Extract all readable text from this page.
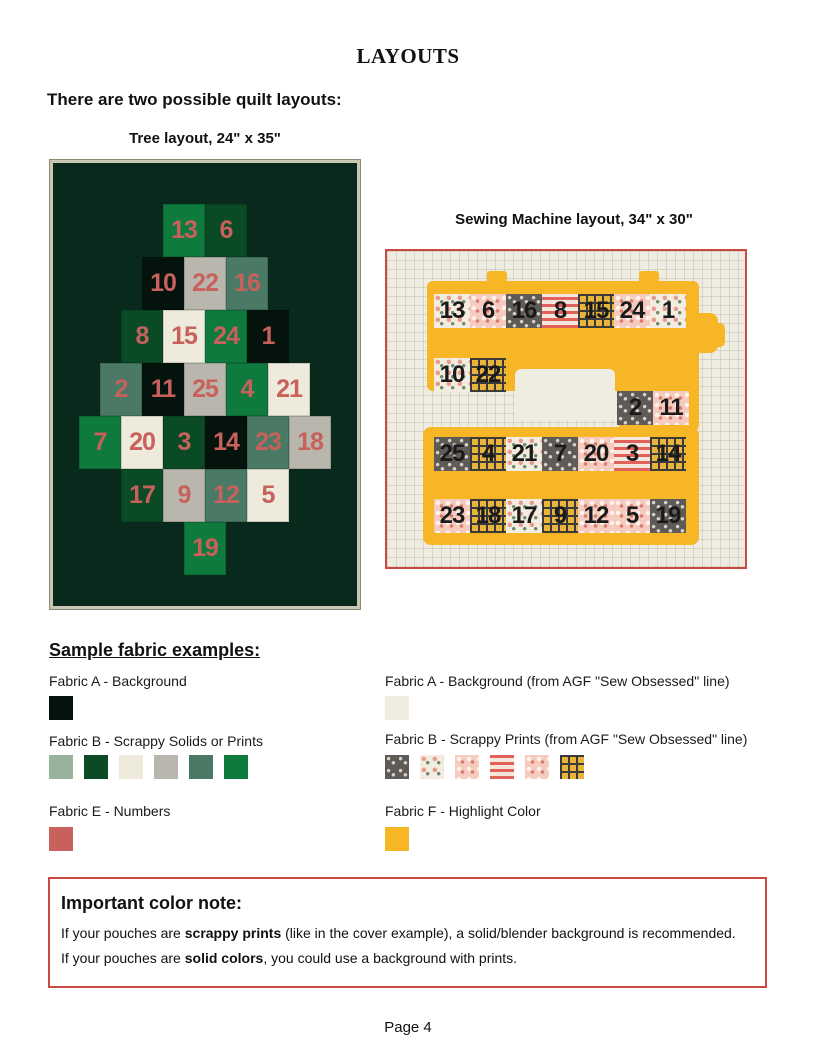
LAYOUTS
There are two possible quilt layouts:
Tree layout, 24" x 35"
13 6
10 22 16
8 15 24 1
2 11 25 4 21
7 20 3 14 23 18
17 9 12 5
19
Sewing Machine layout, 34" x 30"
13 6 16 8 15 24 1
10 22
2 11
25 4 21 7 20 3 14
23 18 17 9 12 5 19
Sample fabric examples:
Fabric A - Background
Fabric B - Scrappy Solids or Prints
Fabric E - Numbers
Fabric A - Background (from AGF "Sew Obsessed" line)
Fabric B - Scrappy Prints (from AGF "Sew Obsessed" line)
Fabric F - Highlight Color
Important color note:
If your pouches are scrappy prints (like in the cover example), a solid/blender background is recommended.
If your pouches are solid colors, you could use a background with prints.
Page 4
